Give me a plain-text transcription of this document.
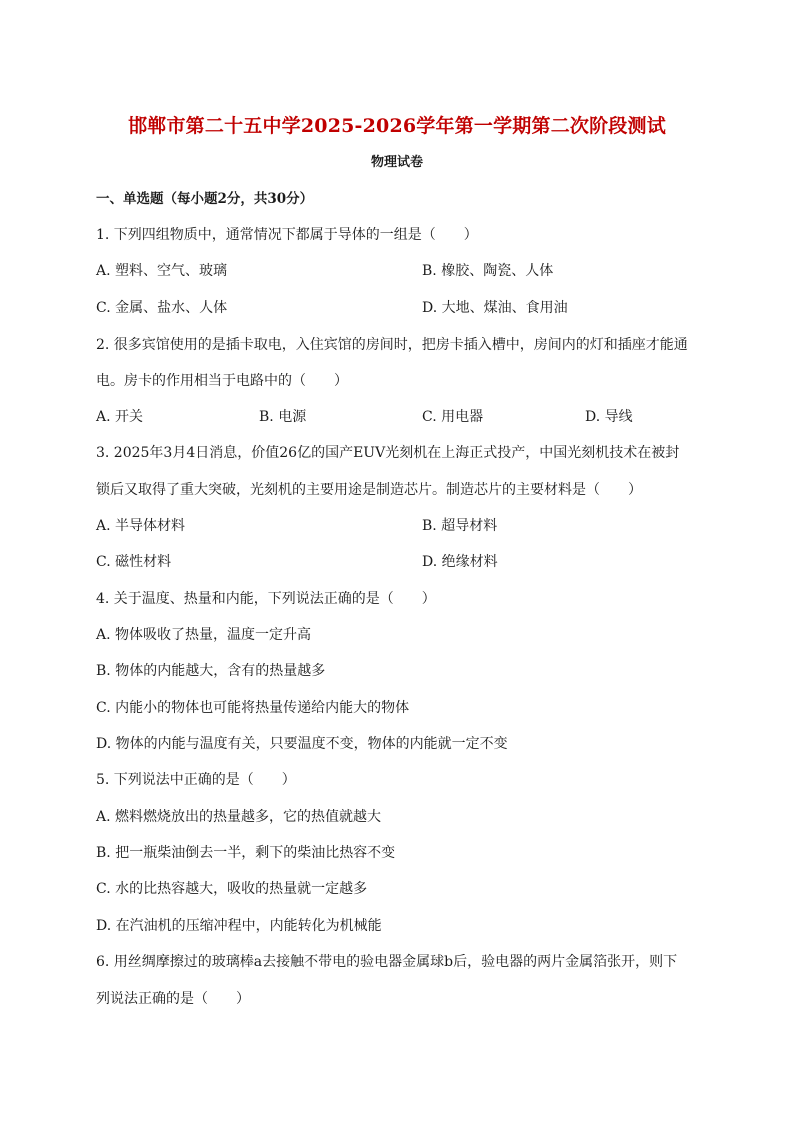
邯郸市第二十五中学2025-2026学年第一学期第二次阶段测试
物理试卷
一、单选题（每小题2分，共30分）
1. 下列四组物质中，通常情况下都属于导体的一组是（　　）
A. 塑料、空气、玻璃	B. 橡胶、陶瓷、人体
C. 金属、盐水、人体	D. 大地、煤油、食用油
2. 很多宾馆使用的是插卡取电，入住宾馆的房间时，把房卡插入槽中，房间内的灯和插座才能通
电。房卡的作用相当于电路中的（　　）
A. 开关	B. 电源	C. 用电器	D. 导线
3. 2025年3月4日消息，价值26亿的国产EUV光刻机在上海正式投产，中国光刻机技术在被封
锁后又取得了重大突破，光刻机的主要用途是制造芯片。制造芯片的主要材料是（　　）
A. 半导体材料	B. 超导材料
C. 磁性材料	D. 绝缘材料
4. 关于温度、热量和内能，下列说法正确的是（　　）
A. 物体吸收了热量，温度一定升高
B. 物体的内能越大，含有的热量越多
C. 内能小的物体也可能将热量传递给内能大的物体
D. 物体的内能与温度有关，只要温度不变，物体的内能就一定不变
5. 下列说法中正确的是（　　）
A. 燃料燃烧放出的热量越多，它的热值就越大
B. 把一瓶柴油倒去一半，剩下的柴油比热容不变
C. 水的比热容越大，吸收的热量就一定越多
D. 在汽油机的压缩冲程中，内能转化为机械能
6. 用丝绸摩擦过的玻璃棒a去接触不带电的验电器金属球b后，验电器的两片金属箔张开，则下
列说法正确的是（　　）
